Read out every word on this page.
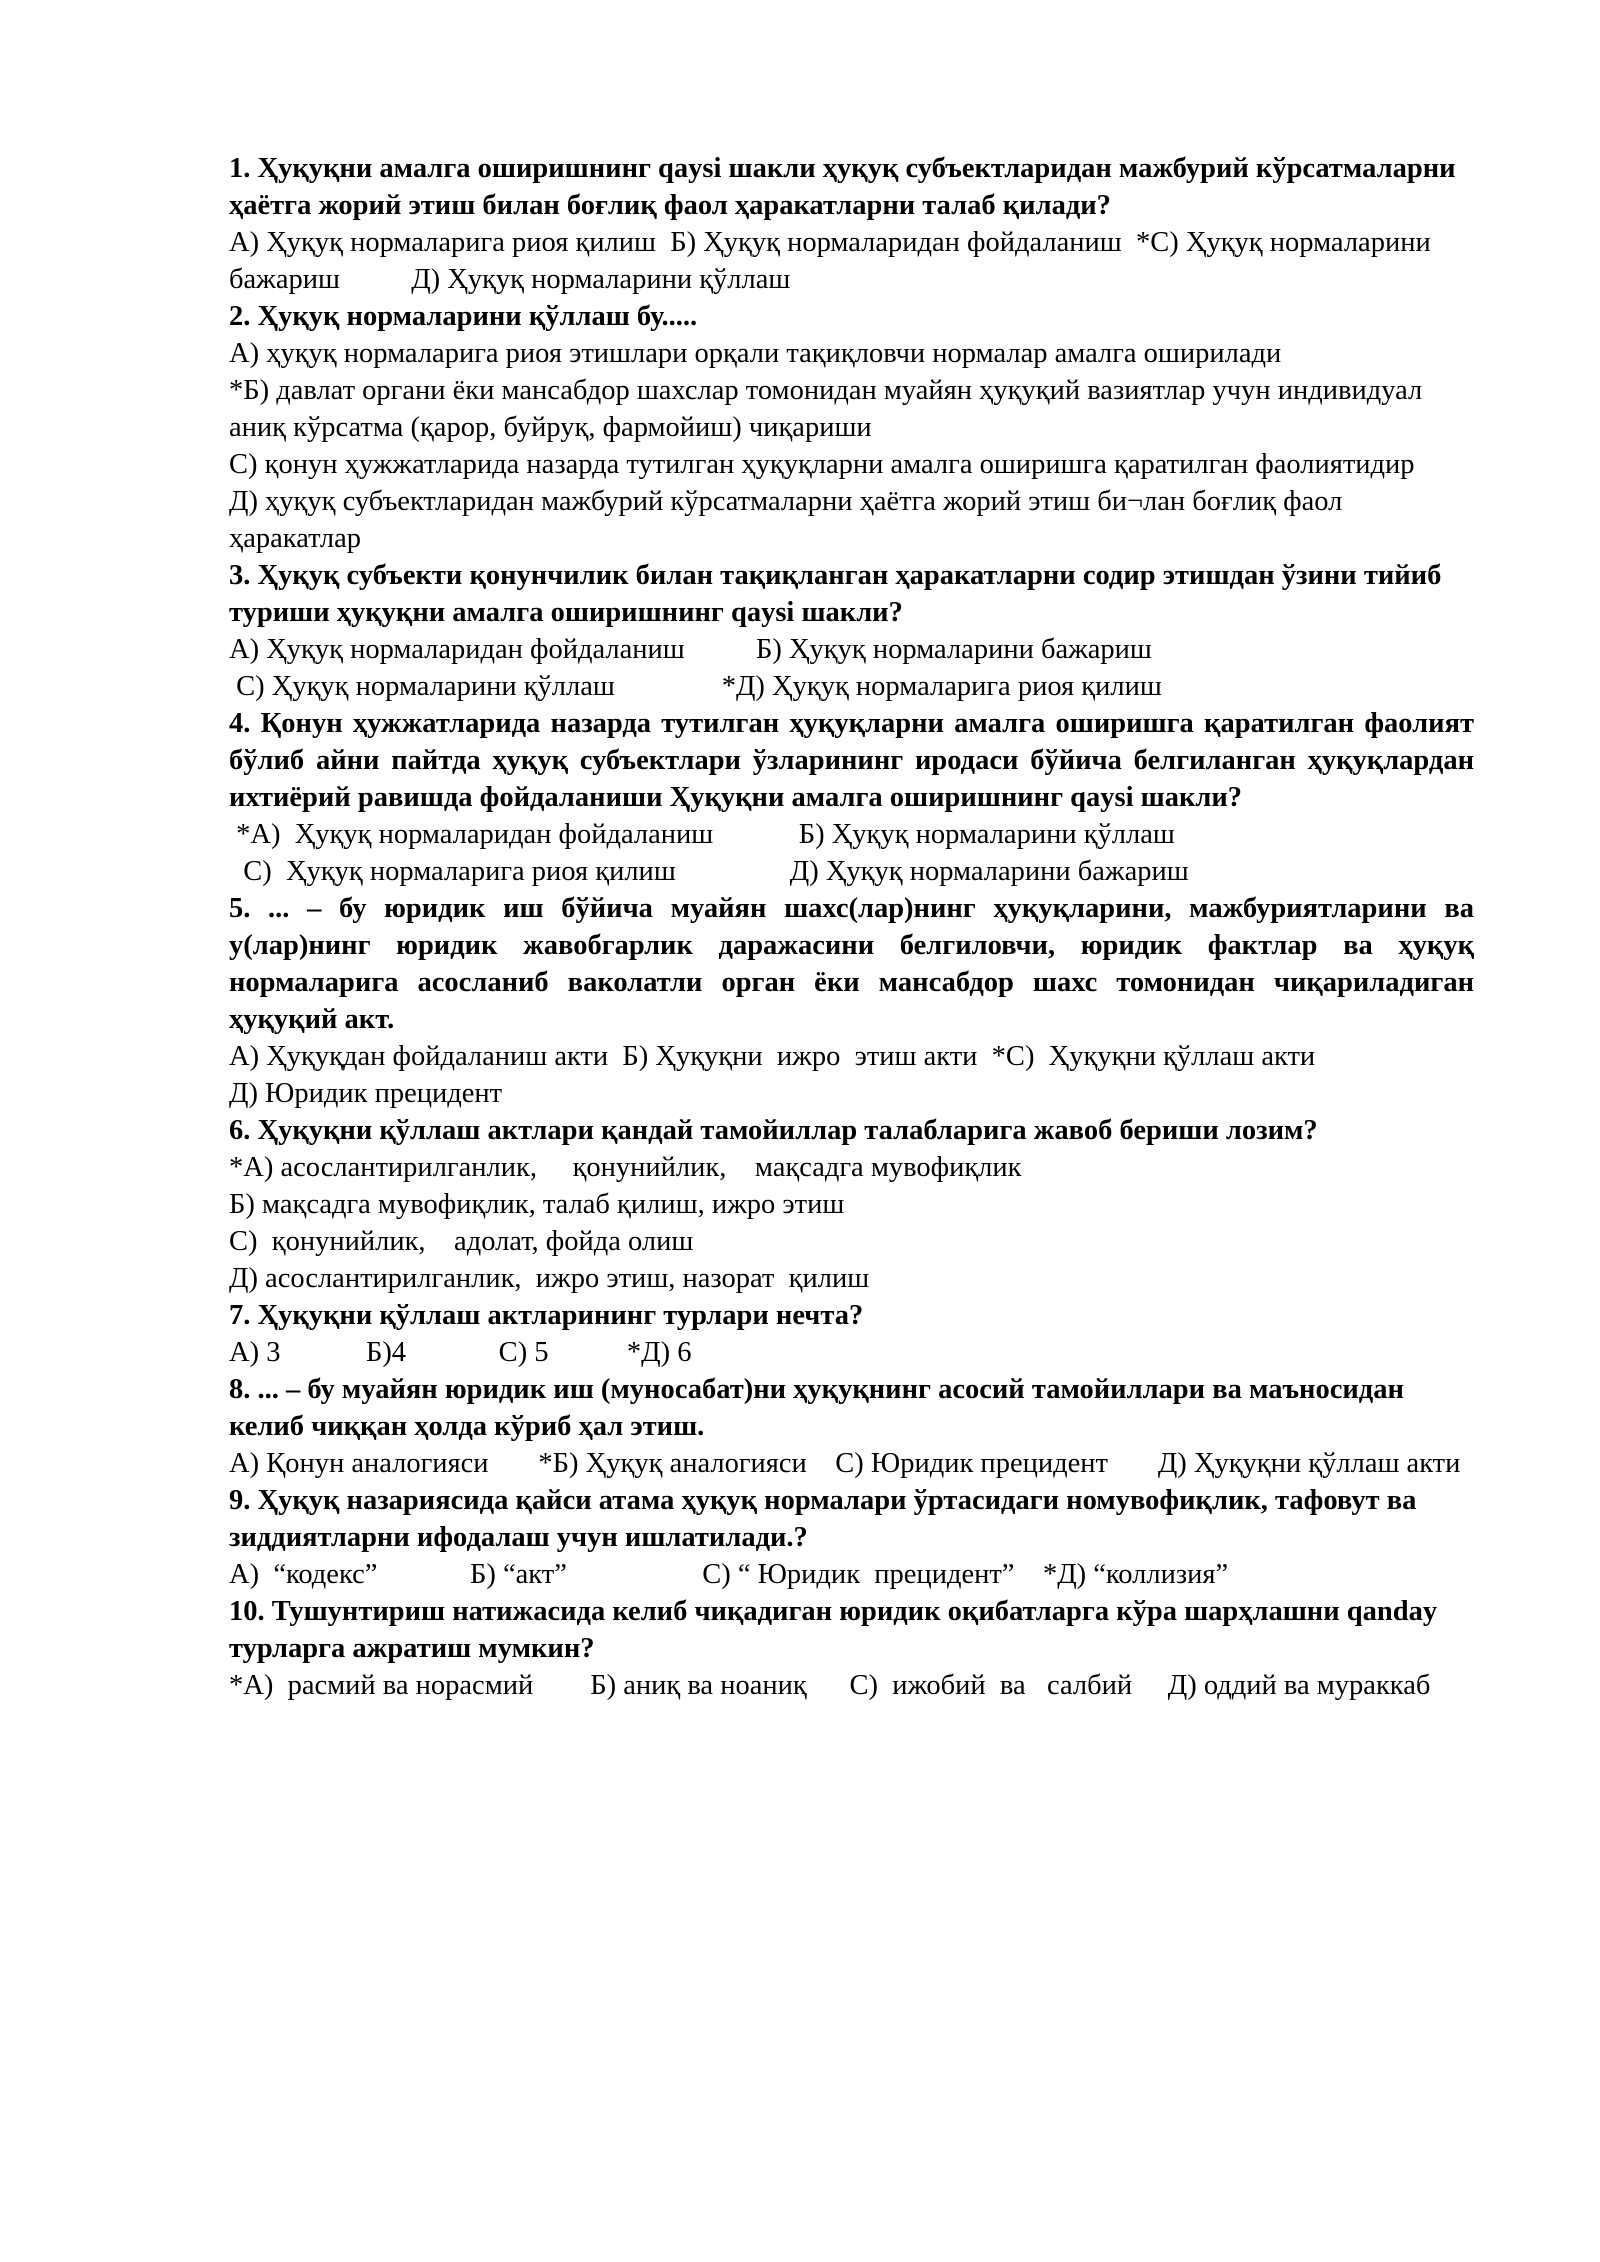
1. Ҳуқуқни амалга оширишнинг qaysi шакли ҳуқуқ субъектларидан мажбурий кўрсатмаларни ҳаётга жорий этиш билан боғлиқ фаол ҳаракатларни талаб қилади?

А) Ҳуқуқ нормаларига риоя қилиш  Б) Ҳуқуқ нормаларидан фойдаланиш  *С) Ҳуқуқ нормаларини бажариш          Д) Ҳуқуқ нормаларини қўллаш

2. Ҳуқуқ нормаларини қўллаш бу.....

А) ҳуқуқ нормаларига риоя этишлари орқали тақиқловчи нормалар амалга оширилади

*Б) давлат органи ёки мансабдор шахслар томонидан муайян ҳуқуқий вазиятлар учун индивидуал аниқ кўрсатма (қарор, буйруқ, фармойиш) чиқариши

С) қонун ҳужжатларида назарда тутилган ҳуқуқларни амалга оширишга қаратилган фаолиятидир

Д) ҳуқуқ субъектларидан мажбурий кўрсатмаларни ҳаётга жорий этиш би¬лан боғлиқ фаол ҳаракатлар

3. Ҳуқуқ субъекти қонунчилик билан тақиқланган ҳаракатларни содир этишдан ўзини тийиб туриши ҳуқуқни амалга оширишнинг qaysi шакли?

А) Ҳуқуқ нормаларидан фойдаланиш          Б) Ҳуқуқ нормаларини бажариш

С) Ҳуқуқ нормаларини қўллаш               *Д) Ҳуқуқ нормаларига риоя қилиш

4. Қонун ҳужжатларида назарда тутилган ҳуқуқларни амалга оширишга қаратилган фаолият бўлиб айни пайтда ҳуқуқ субъектлари ўзларининг иродаси бўйича белгиланган ҳуқуқлардан ихтиёрий равишда фойдаланиши Ҳуқуқни амалга оширишнинг qaysi шакли?

*А)  Ҳуқуқ нормаларидан фойдаланиш            Б) Ҳуқуқ нормаларини қўллаш

С)  Ҳуқуқ нормаларига риоя қилиш                Д) Ҳуқуқ нормаларини бажариш

5. ... – бу юридик иш бўйича муайян шахс(лар)нинг ҳуқуқларини, мажбуриятларини ва у(лар)нинг юридик жавобгарлик даражасини белгиловчи, юридик фактлар ва ҳуқуқ нормаларига асосланиб ваколатли орган ёки мансабдор шахс томонидан чиқариладиган ҳуқуқий акт.

А) Ҳуқуқдан фойдаланиш акти  Б) Ҳуқуқни  ижро  этиш акти  *С)  Ҳуқуқни қўллаш акти

Д) Юридик прецидент

6. Ҳуқуқни қўллаш актлари қандай тамойиллар талабларига жавоб бериши лозим?

*А) асослантирилганлик,     қонунийлик,    мақсадга мувофиқлик

Б) мақсадга мувофиқлик, талаб қилиш, ижро этиш

С)  қонунийлик,    адолат, фойда олиш

Д) асослантирилганлик,  ижро этиш, назорат  қилиш

7. Ҳуқуқни қўллаш актларининг турлари нечта?

А) 3            Б)4             С) 5           *Д) 6

8. ... – бу муайян юридик иш (муносабат)ни ҳуқуқнинг асосий тамойиллари ва маъносидан келиб чиққан ҳолда кўриб ҳал этиш.

А) Қонун аналогияси       *Б) Ҳуқуқ аналогияси    С) Юридик прецидент       Д) Ҳуқуқни қўллаш акти

9. Ҳуқуқ назариясида қайси атама ҳуқуқ нормалари ўртасидаги номувофиқлик, тафовут ва зиддиятларни ифодалаш учун ишлатилади.?

А)  “кодекс”             Б) “акт”                   С) “ Юридик  прецидент”    *Д) “коллизия”

10. Тушунтириш натижасида келиб чиқадиган юридик оқибатларга кўра шарҳлашни qanday турларга ажратиш мумкин?

*А)  расмий ва норасмий        Б) аниқ ва ноаниқ      С)  ижобий  ва   салбий     Д) оддий ва мураккаб
